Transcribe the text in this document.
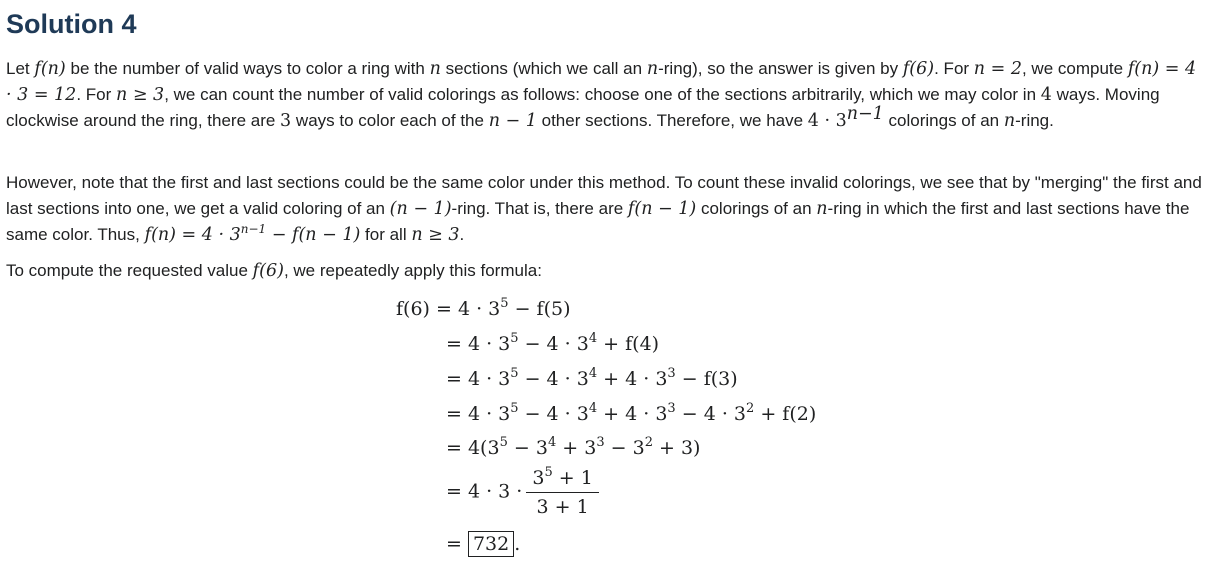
Solution 4

Let f(n) be the number of valid ways to color a ring with n sections (which we call an n-ring), so the answer is given by f(6). For n = 2, we compute f(n) = 4 · 3 = 12. For n ≥ 3, we can count the number of valid colorings as follows: choose one of the sections arbitrarily, which we may color in 4 ways. Moving clockwise around the ring, there are 3 ways to color each of the n − 1 other sections. Therefore, we have $4 \cdot 3^{n-1}$ colorings of an n-ring.

However, note that the first and last sections could be the same color under this method. To count these invalid colorings, we see that by "merging" the first and last sections into one, we get a valid coloring of an (n − 1)-ring. That is, there are f(n − 1) colorings of an n-ring in which the first and last sections have the same color. Thus, $f(n) = 4 \cdot 3^{n-1} - f(n - 1)$ for all n ≥ 3.

To compute the requested value f(6), we repeatedly apply this formula:

$f(6) = 4 \cdot 3^5 - f(5)$
= $4 \cdot 3^5 - 4 \cdot 3^4 + f(4)$
= $4 \cdot 3^5 - 4 \cdot 3^4 + 4 \cdot 3^3 - f(3)$
= $4 \cdot 3^5 - 4 \cdot 3^4 + 4 \cdot 3^3 - 4 \cdot 3^2 + f(2)$
= $4(3^5 - 3^4 + 3^3 - 3^2 + 3)$
= $4 \cdot 3 \cdot \frac{3^5 + 1}{3 + 1}$
= 732 .
